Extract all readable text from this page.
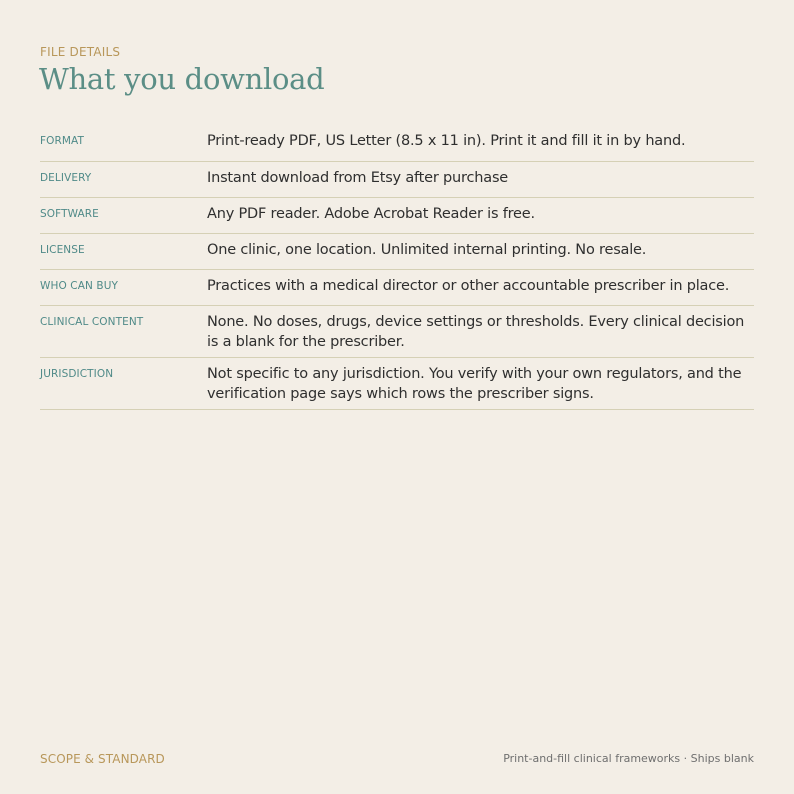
FILE DETAILS
What you download
FORMAT	Print-ready PDF, US Letter (8.5 x 11 in). Print it and fill it in by hand.
DELIVERY	Instant download from Etsy after purchase
SOFTWARE	Any PDF reader. Adobe Acrobat Reader is free.
LICENSE	One clinic, one location. Unlimited internal printing. No resale.
WHO CAN BUY	Practices with a medical director or other accountable prescriber in place.
CLINICAL CONTENT	None. No doses, drugs, device settings or thresholds. Every clinical decision is a blank for the prescriber.
JURISDICTION	Not specific to any jurisdiction. You verify with your own regulators, and the verification page says which rows the prescriber signs.
SCOPE & STANDARD	Print-and-fill clinical frameworks · Ships blank
